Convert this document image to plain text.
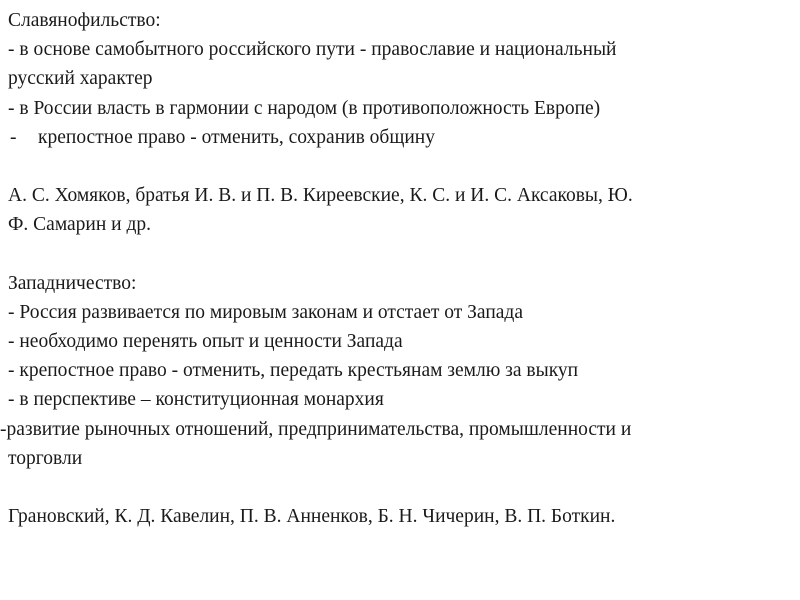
Славянофильство:
- в основе самобытного российского пути - православие и национальный
русский характер
- в России власть в гармонии с народом (в противоположность Европе)
- крепостное право - отменить, сохранив общину
А. С. Хомяков, братья И. В. и П. В. Киреевские, К. С. и И. С. Аксаковы, Ю.
Ф. Самарин и др.
Западничество:
- Россия развивается по мировым законам и отстает от Запада
- необходимо перенять опыт и ценности Запада
- крепостное право - отменить, передать крестьянам землю за выкуп
- в перспективе – конституционная монархия
-развитие рыночных отношений, предпринимательства, промышленности и
торговли
Грановский, К. Д. Кавелин, П. В. Анненков, Б. Н. Чичерин, В. П. Боткин.
